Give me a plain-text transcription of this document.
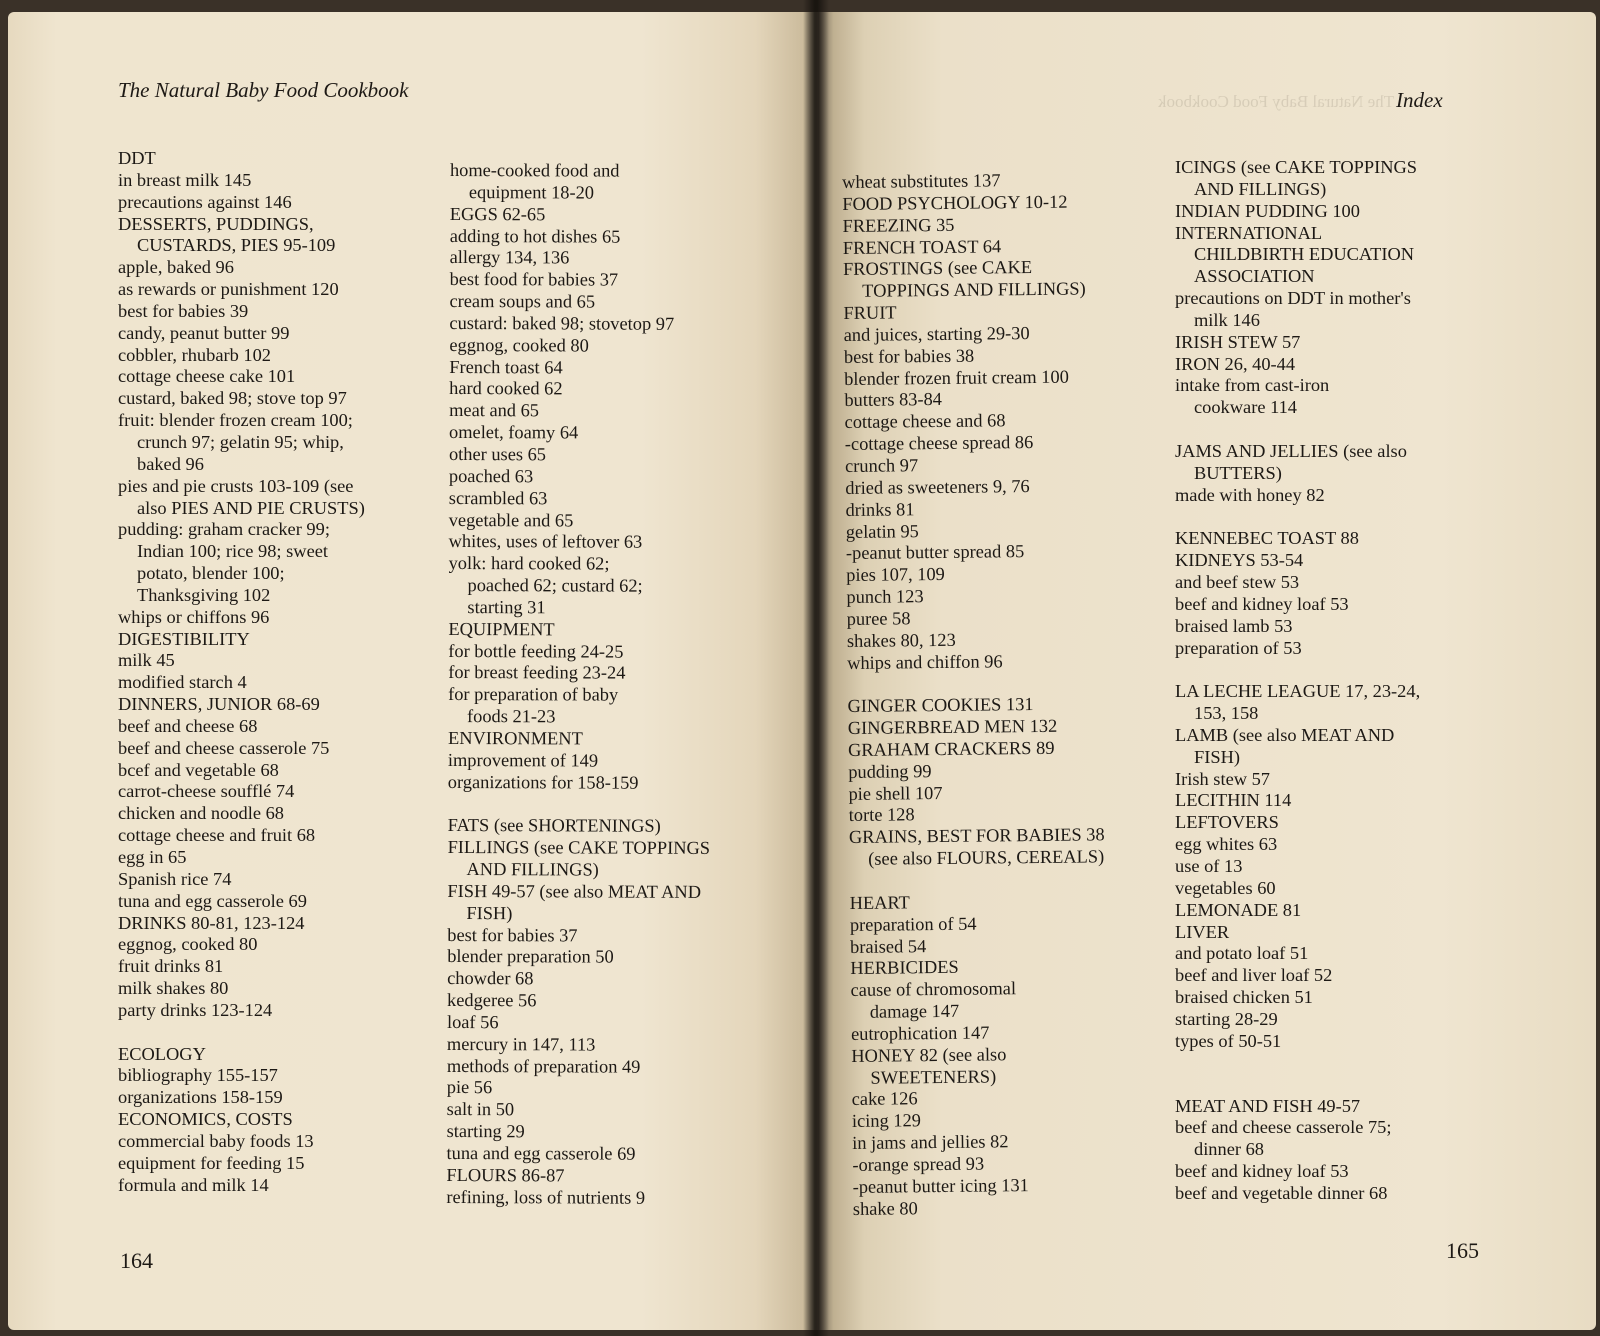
The Natural Baby Food Cookbook
DDT
in breast milk 145
precautions against 146
DESSERTS, PUDDINGS,
CUSTARDS, PIES 95-109
apple, baked 96
as rewards or punishment 120
best for babies 39
candy, peanut butter 99
cobbler, rhubarb 102
cottage cheese cake 101
custard, baked 98; stove top 97
fruit: blender frozen cream 100;
crunch 97; gelatin 95; whip,
baked 96
pies and pie crusts 103-109 (see
also PIES AND PIE CRUSTS)
pudding: graham cracker 99;
Indian 100; rice 98; sweet
potato, blender 100;
Thanksgiving 102
whips or chiffons 96
DIGESTIBILITY
milk 45
modified starch 4
DINNERS, JUNIOR 68-69
beef and cheese 68
beef and cheese casserole 75
bcef and vegetable 68
carrot-cheese soufflé 74
chicken and noodle 68
cottage cheese and fruit 68
egg in 65
Spanish rice 74
tuna and egg casserole 69
DRINKS 80-81, 123-124
eggnog, cooked 80
fruit drinks 81
milk shakes 80
party drinks 123-124
ECOLOGY
bibliography 155-157
organizations 158-159
ECONOMICS, COSTS
commercial baby foods 13
equipment for feeding 15
formula and milk 14
home-cooked food and
equipment 18-20
EGGS 62-65
adding to hot dishes 65
allergy 134, 136
best food for babies 37
cream soups and 65
custard: baked 98; stovetop 97
eggnog, cooked 80
French toast 64
hard cooked 62
meat and 65
omelet, foamy 64
other uses 65
poached 63
scrambled 63
vegetable and 65
whites, uses of leftover 63
yolk: hard cooked 62;
poached 62; custard 62;
starting 31
EQUIPMENT
for bottle feeding 24-25
for breast feeding 23-24
for preparation of baby
foods 21-23
ENVIRONMENT
improvement of 149
organizations for 158-159
FATS (see SHORTENINGS)
FILLINGS (see CAKE TOPPINGS
AND FILLINGS)
FISH 49-57 (see also MEAT AND
FISH)
best for babies 37
blender preparation 50
chowder 68
kedgeree 56
loaf 56
mercury in 147, 113
methods of preparation 49
pie 56
salt in 50
starting 29
tuna and egg casserole 69
FLOURS 86-87
refining, loss of nutrients 9
164
The Natural Baby Food Cookbook Index
wheat substitutes 137
FOOD PSYCHOLOGY 10-12
FREEZING 35
FRENCH TOAST 64
FROSTINGS (see CAKE
TOPPINGS AND FILLINGS)
FRUIT
and juices, starting 29-30
best for babies 38
blender frozen fruit cream 100
butters 83-84
cottage cheese and 68
-cottage cheese spread 86
crunch 97
dried as sweeteners 9, 76
drinks 81
gelatin 95
-peanut butter spread 85
pies 107, 109
punch 123
puree 58
shakes 80, 123
whips and chiffon 96
GINGER COOKIES 131
GINGERBREAD MEN 132
GRAHAM CRACKERS 89
pudding 99
pie shell 107
torte 128
GRAINS, BEST FOR BABIES 38
(see also FLOURS, CEREALS)
HEART
preparation of 54
braised 54
HERBICIDES
cause of chromosomal
damage 147
eutrophication 147
HONEY 82 (see also
SWEETENERS)
cake 126
icing 129
in jams and jellies 82
-orange spread 93
-peanut butter icing 131
shake 80
ICINGS (see CAKE TOPPINGS
AND FILLINGS)
INDIAN PUDDING 100
INTERNATIONAL
CHILDBIRTH EDUCATION
ASSOCIATION
precautions on DDT in mother's
milk 146
IRISH STEW 57
IRON 26, 40-44
intake from cast-iron
cookware 114
JAMS AND JELLIES (see also
BUTTERS)
made with honey 82
KENNEBEC TOAST 88
KIDNEYS 53-54
and beef stew 53
beef and kidney loaf 53
braised lamb 53
preparation of 53
LA LECHE LEAGUE 17, 23-24,
153, 158
LAMB (see also MEAT AND
FISH)
Irish stew 57
LECITHIN 114
LEFTOVERS
egg whites 63
use of 13
vegetables 60
LEMONADE 81
LIVER
and potato loaf 51
beef and liver loaf 52
braised chicken 51
starting 28-29
types of 50-51
MEAT AND FISH 49-57
beef and cheese casserole 75;
dinner 68
beef and kidney loaf 53
beef and vegetable dinner 68
165
